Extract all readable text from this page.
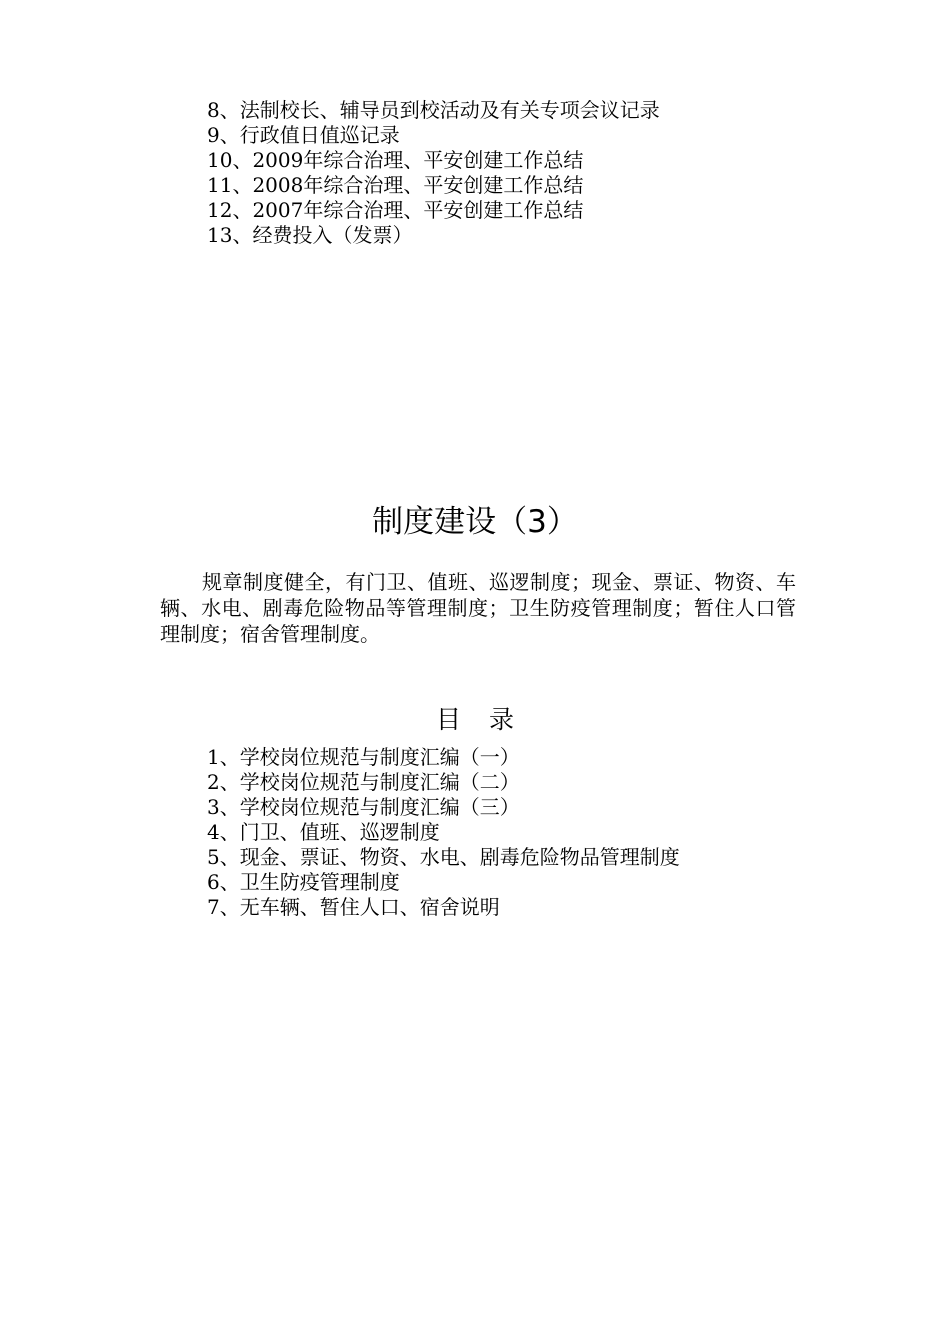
8、法制校长、辅导员到校活动及有关专项会议记录
9、行政值日值巡记录
10、2009年综合治理、平安创建工作总结
11、2008年综合治理、平安创建工作总结
12、2007年综合治理、平安创建工作总结
13、经费投入（发票）
制度建设（3）

规章制度健全，有门卫、值班、巡逻制度；现金、票证、物资、车辆、水电、剧毒危险物品等管理制度；卫生防疫管理制度；暂住人口管理制度；宿舍管理制度。

目录
1、学校岗位规范与制度汇编（一）
2、学校岗位规范与制度汇编（二）
3、学校岗位规范与制度汇编（三）
4、门卫、值班、巡逻制度
5、现金、票证、物资、水电、剧毒危险物品管理制度
6、卫生防疫管理制度
7、无车辆、暂住人口、宿舍说明
